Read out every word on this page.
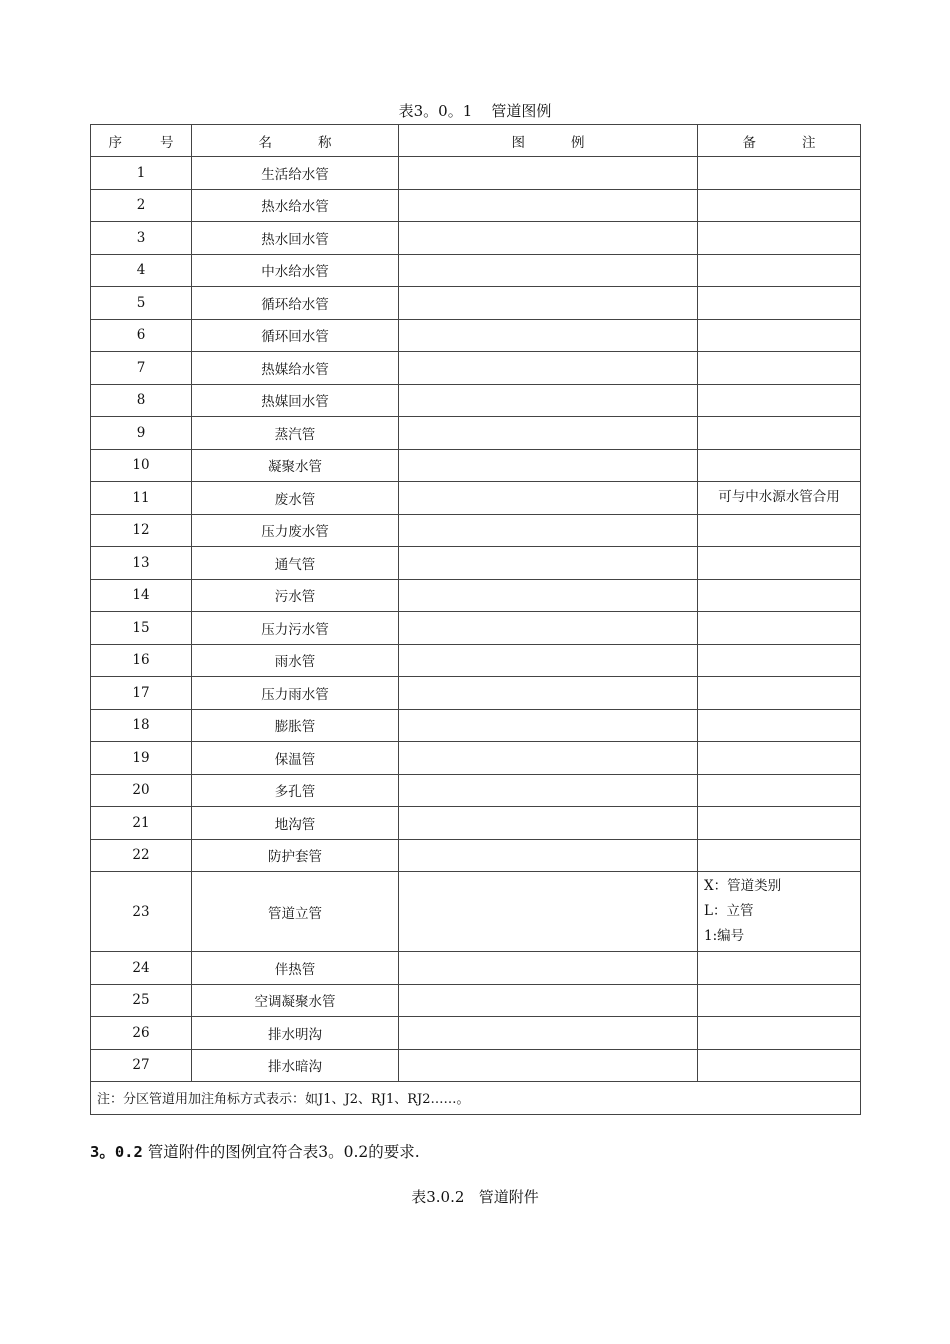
表3。0。1    管道图例
序 号	名 称	图 例	备 注
1	生活给水管		
2	热水给水管		
3	热水回水管		
4	中水给水管		
5	循环给水管		
6	循环回水管		
7	热媒给水管		
8	热媒回水管		
9	蒸汽管		
10	凝聚水管		
11	废水管		可与中水源水管合用
12	压力废水管		
13	通气管		
14	污水管		
15	压力污水管		
16	雨水管		
17	压力雨水管		
18	膨胀管		
19	保温管		
20	多孔管		
21	地沟管		
22	防护套管		
23	管道立管		X：管道类别
L：立管
1:编号

24	伴热管		
25	空调凝聚水管		
26	排水明沟		
27	排水暗沟		
注：分区管道用加注角标方式表示：如J1、J2、RJ1、RJ2……。			
3。0.2 管道附件的图例宜符合表3。0.2的要求.
表3.0.2   管道附件
